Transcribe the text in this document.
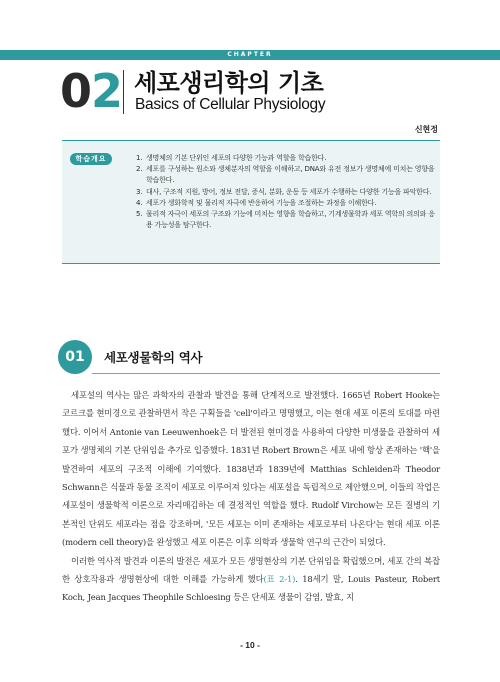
CHAPTER
02 세포생리학의 기초
Basics of Cellular Physiology
신현정
학습개요	1. 생명체의 기본 단위인 세포의 다양한 기능과 역할을 학습한다.
2. 세포를 구성하는 원소와 생체분자의 역할을 이해하고, DNA와 유전 정보가 생명체에 미치는 영향을 학습한다.
3. 대사, 구조적 지원, 방어, 정보 전달, 증식, 분화, 운동 등 세포가 수행하는 다양한 기능을 파악한다.
4. 세포가 생화학적 및 물리적 자극에 반응하여 기능을 조절하는 과정을 이해한다.
5. 물리적 자극이 세포의 구조와 기능에 미치는 영향을 학습하고, 기계생물학과 세포 역학의 의의와 응용 가능성을 탐구한다.
01	세포생물학의 역사

세포설의 역사는 많은 과학자의 관찰과 발견을 통해 단계적으로 발전했다. 1665년 Robert Hooke는 코르크를 현미경으로 관찰하면서 작은 구획들을 'cell'이라고 명명했고, 이는 현대 세포 이론의 토대를 마련했다. 이어서 Antonie van Leeuwenhoek은 더 발전된 현미경을 사용하여 다양한 미생물을 관찰하여 세포가 생명체의 기본 단위임을 추가로 입증했다. 1831년 Robert Brown은 세포 내에 항상 존재하는 '핵'을 발견하여 세포의 구조적 이해에 기여했다. 1838년과 1839년에 Matthias Schleiden과 Theodor Schwann은 식물과 동물 조직이 세포로 이루어져 있다는 세포설을 독립적으로 제안했으며, 이들의 작업은 세포설이 생물학적 이론으로 자리매김하는 데 결정적인 역할을 했다. Rudolf Virchow는 모든 질병의 기본적인 단위도 세포라는 점을 강조하며, '모든 세포는 이미 존재하는 세포로부터 나온다'는 현대 세포 이론(modern cell theory)을 완성했고 세포 이론은 이후 의학과 생물학 연구의 근간이 되었다.

이러한 역사적 발견과 이론의 발전은 세포가 모든 생명현상의 기본 단위임을 확립했으며, 세포 간의 복잡한 상호작용과 생명현상에 대한 이해를 가능하게 했다(표 2-1). 18세기 말, Louis Pasteur, Robert Koch, Jean Jacques Theophile Schloesing 등은 단세포 생물이 감염, 발효, 지

- 10 -
